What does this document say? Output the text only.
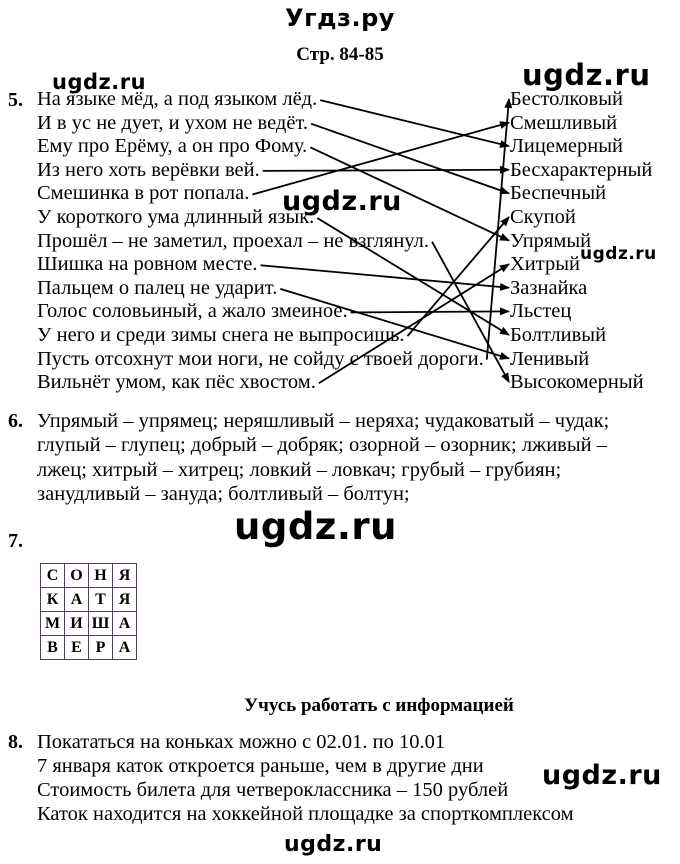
Угдз.ру
Стр. 84-85
ugdz.ru	ugdz.ru
ugdz.ru
ugdz.ru
ugdz.ru
ugdz.ru
ugdz.ru
5. На языке мёд, а под языком лёд.
И в ус не дует, и ухом не ведёт.
Ему про Ерёму, а он про Фому.
Из него хоть верёвки вей.
Смешинка в рот попала.
У короткого ума длинный язык.
Прошёл – не заметил, проехал – не взглянул.
Шишка на ровном месте.
Пальцем о палец не ударит.
Голос соловьиный, а жало змеиное.
У него и среди зимы снега не выпросишь.
Пусть отсохнут мои ноги, не сойду с твоей дороги.
Вильнёт умом, как пёс хвостом.
Бестолковый
Смешливый
Лицемерный
Бесхарактерный
Беспечный
Скупой
Упрямый
Хитрый
Зазнайка
Льстец
Болтливый
Ленивый
Высокомерный
6. Упрямый – упрямец; неряшливый – неряха; чудаковатый – чудак;
глупый – глупец; добрый – добряк; озорной – озорник; лживый –
лжец; хитрый – хитрец; ловкий – ловкач; грубый – грубиян;
занудливый – зануда; болтливый – болтун;
7.
С	О	Н	Я
К	А	Т	Я
М	И	Ш	А
В	Е	Р	А
Учусь работать с информацией
8. Покататься на коньках можно с 02.01. по 10.01
7 января каток откроется раньше, чем в другие дни
Стоимость билета для четвероклассника – 150 рублей
Каток находится на хоккейной площадке за спорткомплексом
